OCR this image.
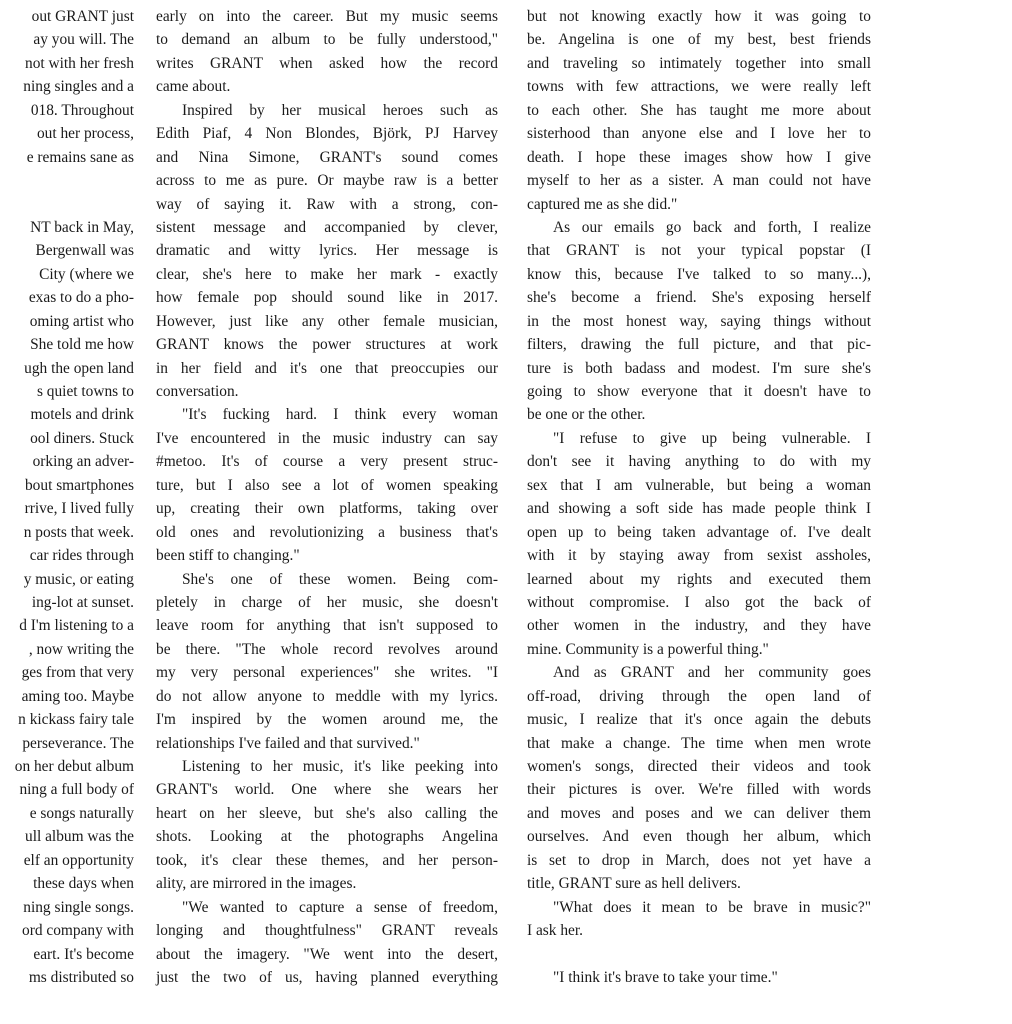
out GRANT just
ay you will. The
not with her fresh
ning singles and a
018. Throughout
out her process,
e remains sane as
NT back in May,
Bergenwall was
City (where we
exas to do a pho-
oming artist who
She told me how
ugh the open land
s quiet towns to
motels and drink
ool diners. Stuck
orking an adver-
bout smartphones
rrive, I lived fully
n posts that week.
car rides through
y music, or eating
ing-lot at sunset.
d I'm listening to a
, now writing the
ges from that very
aming too. Maybe
n kickass fairy tale
perseverance. The
on her debut album
ning a full body of
e songs naturally
ull album was the
elf an opportunity
these days when
ning single songs.
ord company with
eart. It's become
ms distributed so
early on into the career. But my music seems
to demand an album to be fully understood,"
writes GRANT when asked how the record
came about.
Inspired by her musical heroes such as
Edith Piaf, 4 Non Blondes, Björk, PJ Harvey
and Nina Simone, GRANT's sound comes
across to me as pure. Or maybe raw is a better
way of saying it. Raw with a strong, con-
sistent message and accompanied by clever,
dramatic and witty lyrics. Her message is
clear, she's here to make her mark - exactly
how female pop should sound like in 2017.
However, just like any other female musician,
GRANT knows the power structures at work
in her field and it's one that preoccupies our
conversation.
"It's fucking hard. I think every woman
I've encountered in the music industry can say
#metoo. It's of course a very present struc-
ture, but I also see a lot of women speaking
up, creating their own platforms, taking over
old ones and revolutionizing a business that's
been stiff to changing."
She's one of these women. Being com-
pletely in charge of her music, she doesn't
leave room for anything that isn't supposed to
be there. "The whole record revolves around
my very personal experiences" she writes. "I
do not allow anyone to meddle with my lyrics.
I'm inspired by the women around me, the
relationships I've failed and that survived."
Listening to her music, it's like peeking into
GRANT's world. One where she wears her
heart on her sleeve, but she's also calling the
shots. Looking at the photographs Angelina
took, it's clear these themes, and her person-
ality, are mirrored in the images.
"We wanted to capture a sense of freedom,
longing and thoughtfulness" GRANT reveals
about the imagery. "We went into the desert,
just the two of us, having planned everything
but not knowing exactly how it was going to
be. Angelina is one of my best, best friends
and traveling so intimately together into small
towns with few attractions, we were really left
to each other. She has taught me more about
sisterhood than anyone else and I love her to
death. I hope these images show how I give
myself to her as a sister. A man could not have
captured me as she did."
As our emails go back and forth, I realize
that GRANT is not your typical popstar (I
know this, because I've talked to so many...),
she's become a friend. She's exposing herself
in the most honest way, saying things without
filters, drawing the full picture, and that pic-
ture is both badass and modest. I'm sure she's
going to show everyone that it doesn't have to
be one or the other.
"I refuse to give up being vulnerable. I
don't see it having anything to do with my
sex that I am vulnerable, but being a woman
and showing a soft side has made people think I
open up to being taken advantage of. I've dealt
with it by staying away from sexist assholes,
learned about my rights and executed them
without compromise. I also got the back of
other women in the industry, and they have
mine. Community is a powerful thing."
And as GRANT and her community goes
off-road, driving through the open land of
music, I realize that it's once again the debuts
that make a change. The time when men wrote
women's songs, directed their videos and took
their pictures is over. We're filled with words
and moves and poses and we can deliver them
ourselves. And even though her album, which
is set to drop in March, does not yet have a
title, GRANT sure as hell delivers.
"What does it mean to be brave in music?"
I ask her.
"I think it's brave to take your time."
